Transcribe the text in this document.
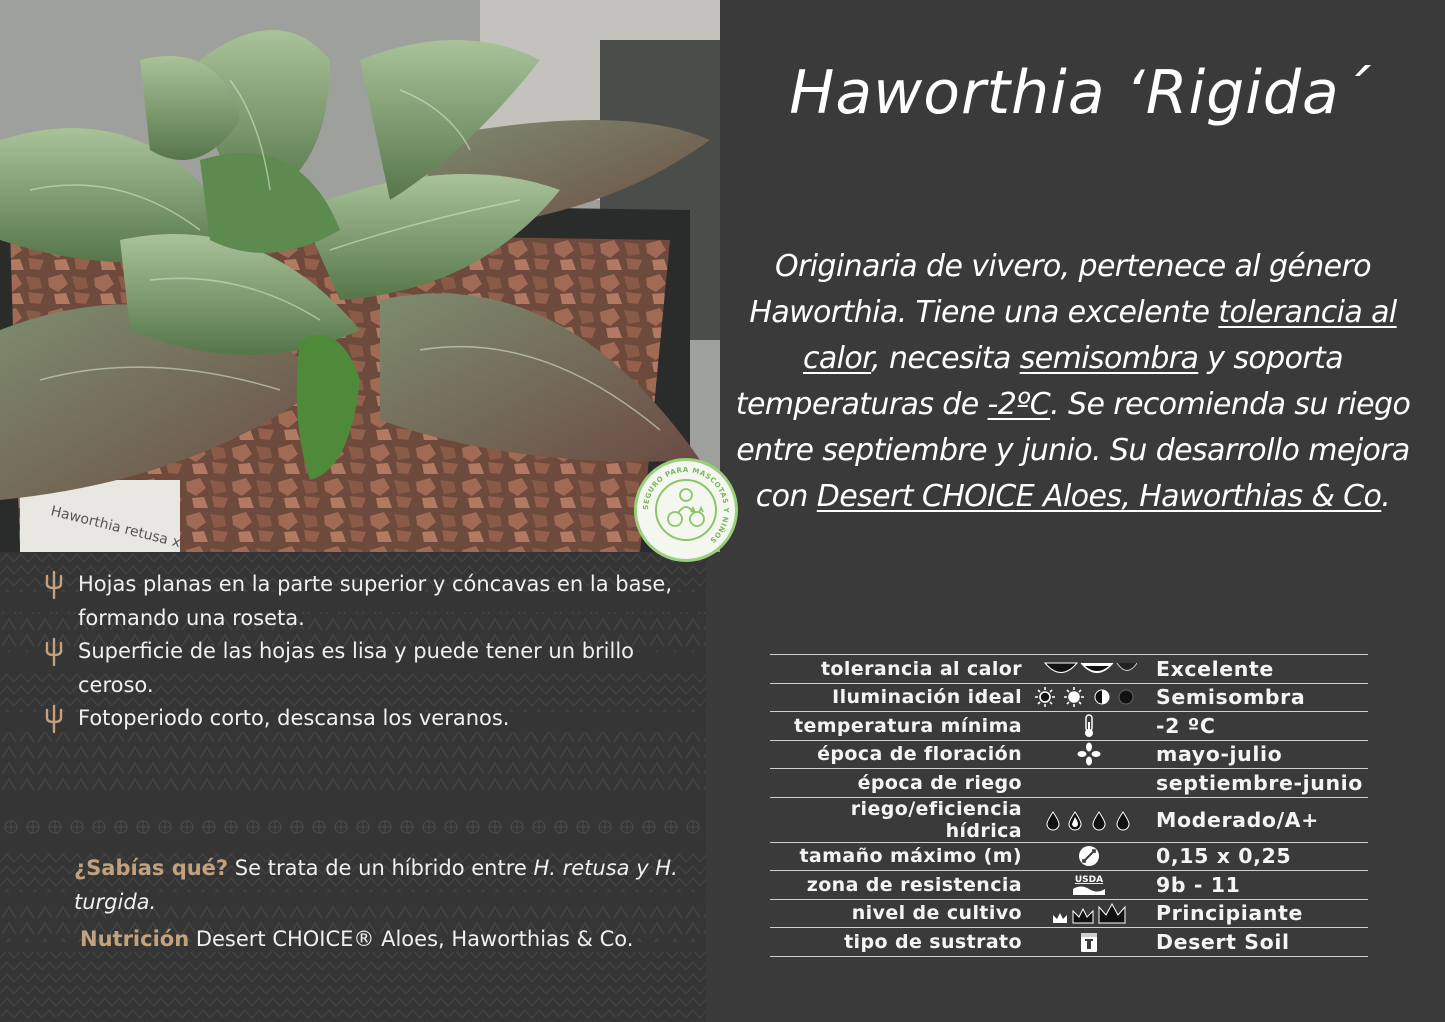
Haworthia retusa x	SEGURO PARA MASCOTAS Y NIÑOS
Haworthia ‘Rigida´

Originaria de vivero, pertenece al género Haworthia. Tiene una excelente tolerancia al calor, necesita semisombra y soporta temperaturas de -2ºC. Se recomienda su riego entre septiembre y junio. Su desarrollo mejora con Desert CHOICE Aloes, Haworthias & Co.

Hojas planas en la parte superior y cóncavas en la base, formando una roseta.
Superficie de las hojas es lisa y puede tener un brillo ceroso.
Fotoperiodo corto, descansa los veranos.

¿Sabías qué? Se trata de un híbrido entre H. retusa y H. turgida.

Nutrición Desert CHOICE® Aloes, Haworthias & Co.

tolerancia al calor		Excelente
Iluminación ideal		Semisombra
temperatura mínima		-2 ºC
época de floración		mayo-julio
época de riego		septiembre-junio
riego/eficiencia hídrica		Moderado/A+
tamaño máximo (m)		0,15 x 0,25
zona de resistencia	USDA	9b - 11
nivel de cultivo		Principiante
tipo de sustrato		Desert Soil
